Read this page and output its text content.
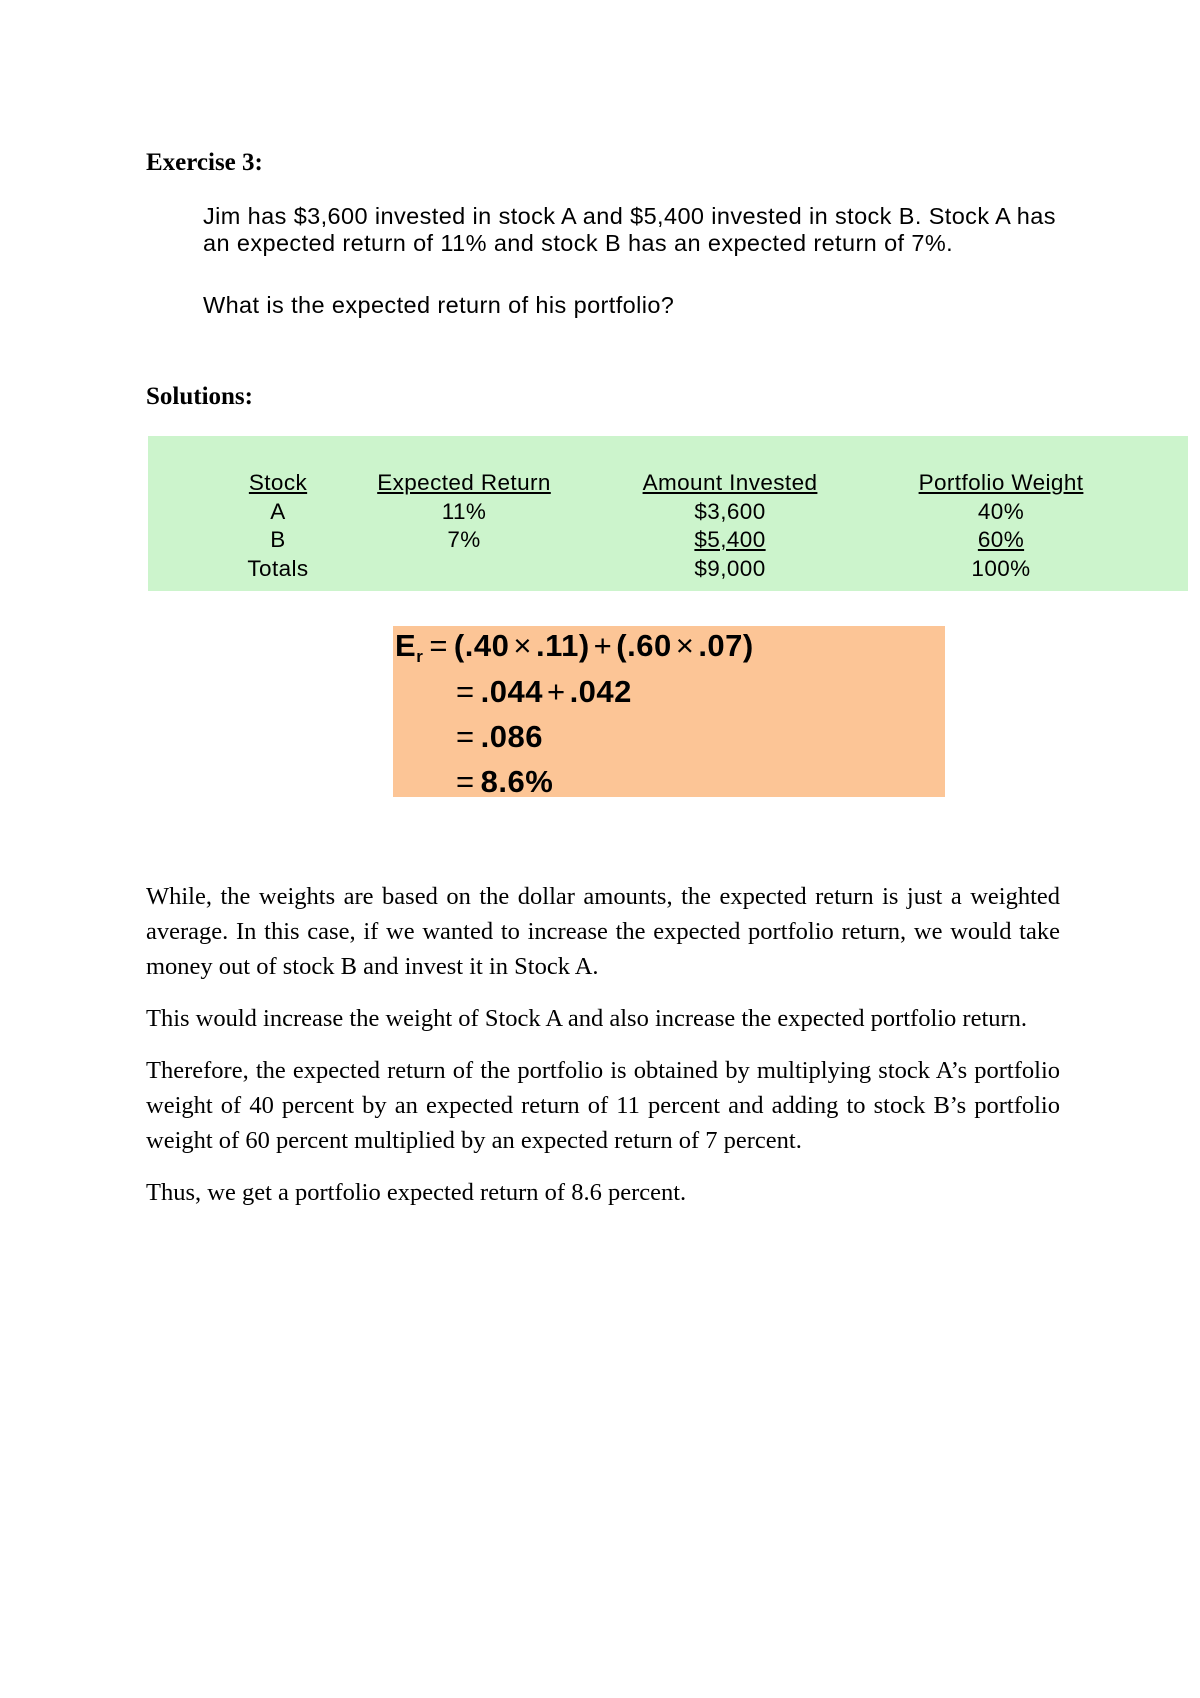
Exercise 3:

Jim has $3,600 invested in stock A and $5,400 invested in stock B. Stock A has an expected return of 11% and stock B has an expected return of 7%.

What is the expected return of his portfolio?

Solutions:
Stock	Expected Return	Amount Invested	Portfolio Weight
A	11%	$3,600	40%
B	7%	$5,400	60%
Totals		$9,000	100%
$E_r = (.40 \times .11) + (.60 \times .07)$
= .044 + .042
= .086
= 8.6%

While, the weights are based on the dollar amounts, the expected return is just a weighted average. In this case, if we wanted to increase the expected portfolio return, we would take money out of stock B and invest it in Stock A.

This would increase the weight of Stock A and also increase the expected portfolio return.

Therefore, the expected return of the portfolio is obtained by multiplying stock A’s portfolio weight of 40 percent by an expected return of 11 percent and adding to stock B’s portfolio weight of 60 percent multiplied by an expected return of 7 percent.

Thus, we get a portfolio expected return of 8.6 percent.
